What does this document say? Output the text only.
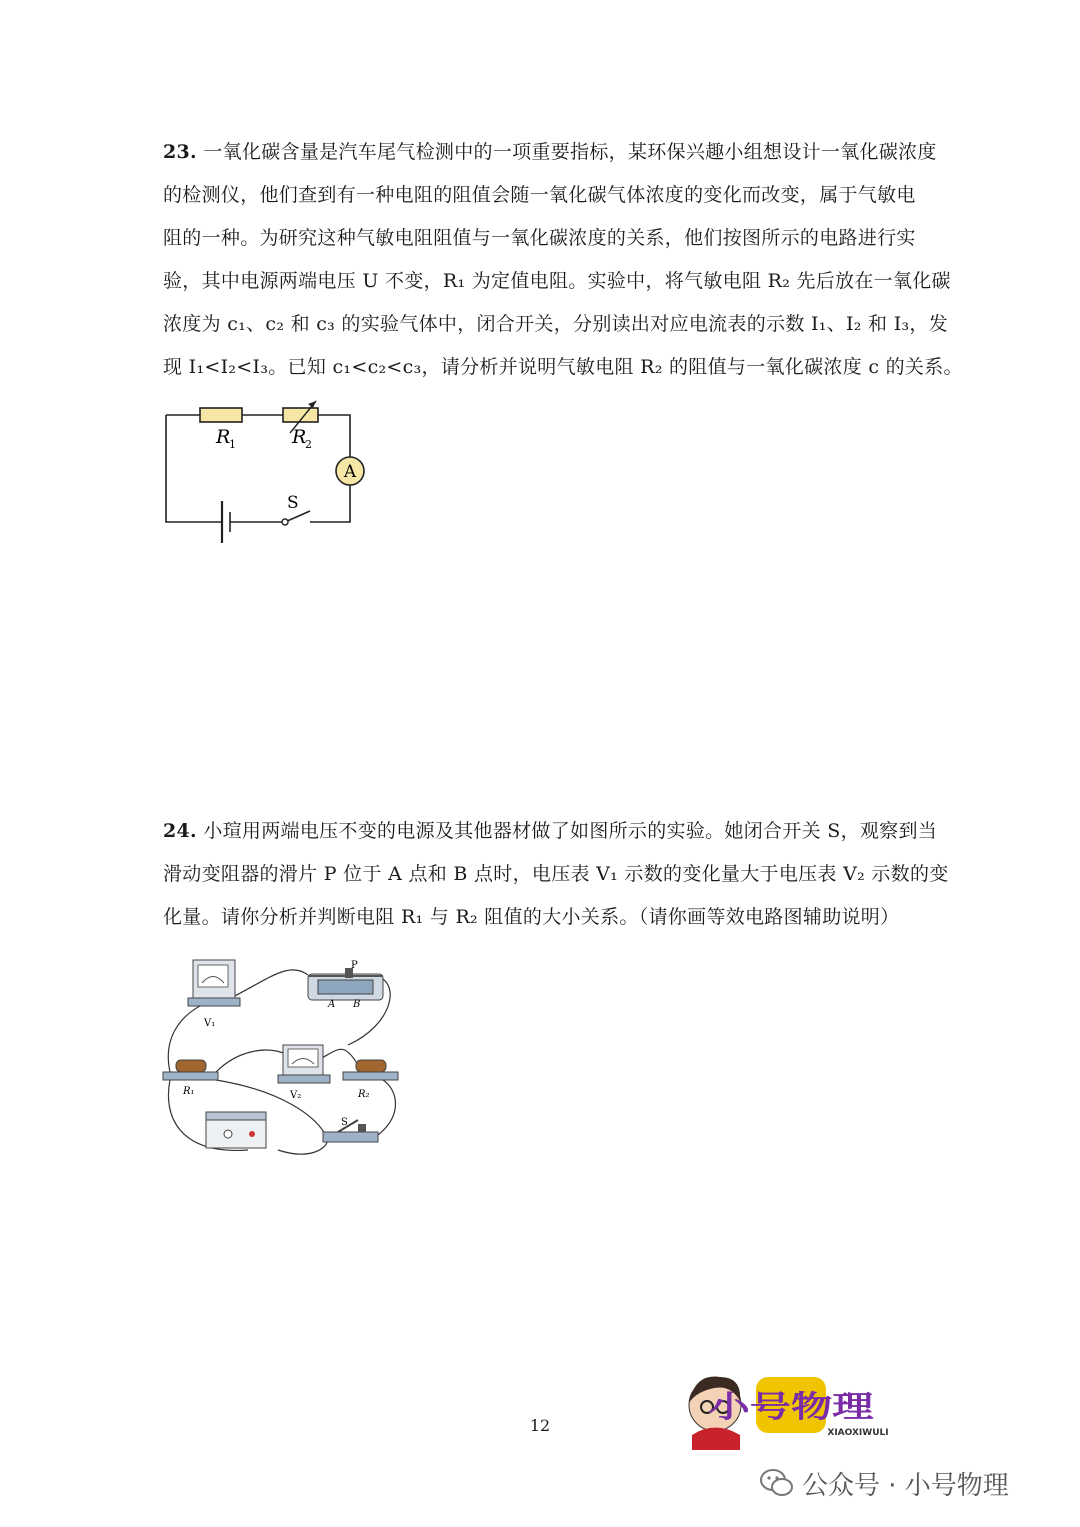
23. 一氧化碳含量是汽车尾气检测中的一项重要指标，某环保兴趣小组想设计一氧化碳浓度

的检测仪，他们查到有一种电阻的阻值会随一氧化碳气体浓度的变化而改变，属于气敏电

阻的一种。为研究这种气敏电阻阻值与一氧化碳浓度的关系，他们按图所示的电路进行实

验，其中电源两端电压 U 不变，R₁ 为定值电阻。实验中，将气敏电阻 R₂ 先后放在一氧化碳

浓度为 c₁、c₂ 和 c₃ 的实验气体中，闭合开关，分别读出对应电流表的示数 I₁、I₂ 和 I₃，发

现 I₁<I₂<I₃。已知 c₁<c₂<c₃，请分析并说明气敏电阻 R₂ 的阻值与一氧化碳浓度 c 的关系。

A
R
1	R
2
S

24. 小瑄用两端电压不变的电源及其他器材做了如图所示的实验。她闭合开关 S，观察到当

滑动变阻器的滑片 P 位于 A 点和 B 点时，电压表 V₁ 示数的变化量大于电压表 V₂ 示数的变

化量。请你分析并判断电阻 R₁ 与 R₂ 阻值的大小关系。（请你画等效电路图辅助说明）

V₁
P
A B
R₁	V₂	R₂
S
12
小号物理
XIAOXIWULI
公众号 · 小号物理
